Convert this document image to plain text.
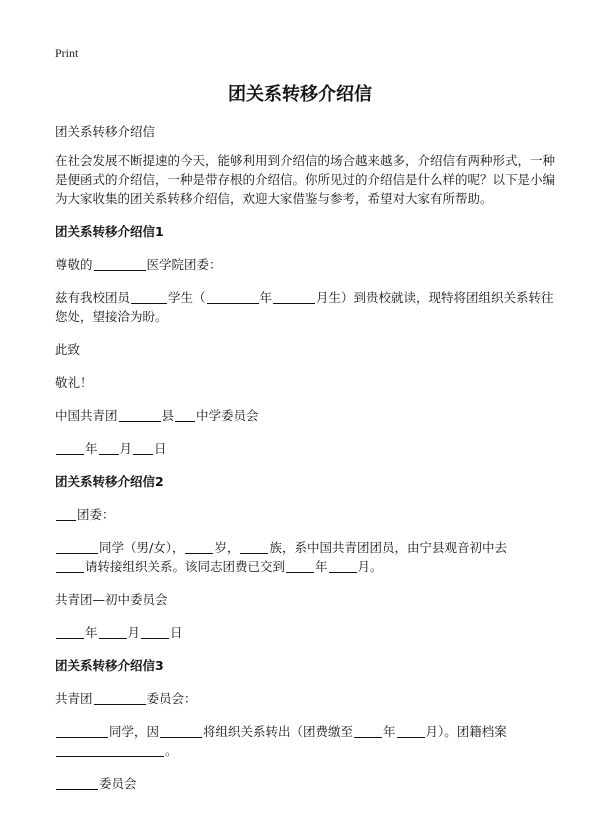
Print
团关系转移介绍信

团关系转移介绍信

在社会发展不断提速的今天，能够利用到介绍信的场合越来越多，介绍信有两种形式，一种是便函式的介绍信，一种是带存根的介绍信。你所见过的介绍信是什么样的呢？以下是小编为大家收集的团关系转移介绍信，欢迎大家借鉴与参考，希望对大家有所帮助。

团关系转移介绍信1

尊敬的	医学院团委：

兹有我校团员	学生（	年	月生）到贵校就读，现特将团组织关系转往您处，望接洽为盼。

此致

敬礼！

中国共青团	县 中学委员会

年 月 日

团关系转移介绍信2

团委：

同学（男/女）， 岁， 族，系中国共青团团员，由宁县观音初中去
请转接组织关系。该同志团费已交到 年 月。

共青团—初中委员会

年 月 日

团关系转移介绍信3

共青团	委员会：

同学，因	将组织关系转出（团费缴至 年 月）。团籍档案
。

委员会
